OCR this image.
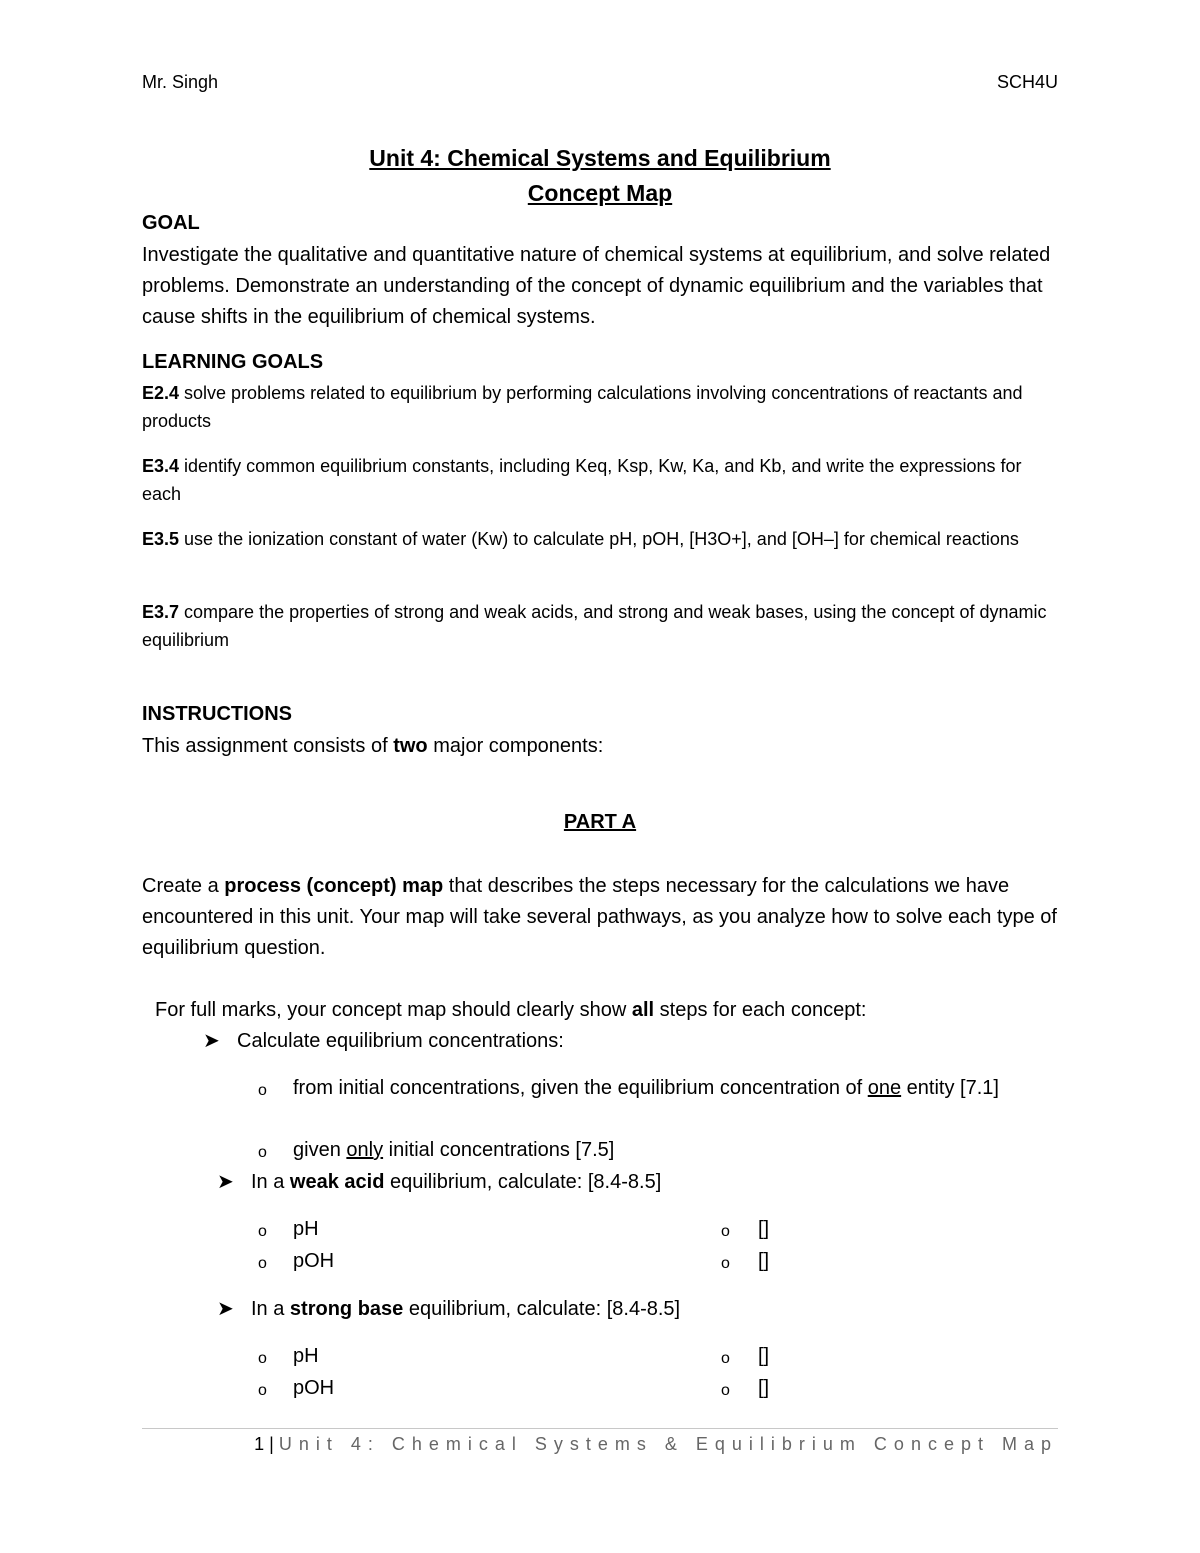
Mr. Singh	SCH4U
Unit 4: Chemical Systems and Equilibrium
Concept Map
GOAL
Investigate the qualitative and quantitative nature of chemical systems at equilibrium, and solve related problems. Demonstrate an understanding of the concept of dynamic equilibrium and the variables that cause shifts in the equilibrium of chemical systems.
LEARNING GOALS
E2.4 solve problems related to equilibrium by performing calculations involving concentrations of reactants and products
E3.4 identify common equilibrium constants, including Keq, Ksp, Kw, Ka, and Kb, and write the expressions for each
E3.5 use the ionization constant of water (Kw) to calculate pH, pOH, [H3O+], and [OH–] for chemical reactions
E3.7 compare the properties of strong and weak acids, and strong and weak bases, using the concept of dynamic equilibrium
INSTRUCTIONS
This assignment consists of two major components:
PART A
Create a process (concept) map that describes the steps necessary for the calculations we have encountered in this unit. Your map will take several pathways, as you analyze how to solve each type of equilibrium question.
For full marks, your concept map should clearly show all steps for each concept:
➤ Calculate equilibrium concentrations:
o	from initial concentrations, given the equilibrium concentration of one entity [7.1]
o	given only initial concentrations [7.5]
➤ In a weak acid equilibrium, calculate: [8.4-8.5]
o	pH	o	[]
o	pOH	o	[]
➤ In a strong base equilibrium, calculate: [8.4-8.5]
o	pH	o	[]
o	pOH	o	[]
1 | Unit 4: Chemical Systems & Equilibrium Concept Map
